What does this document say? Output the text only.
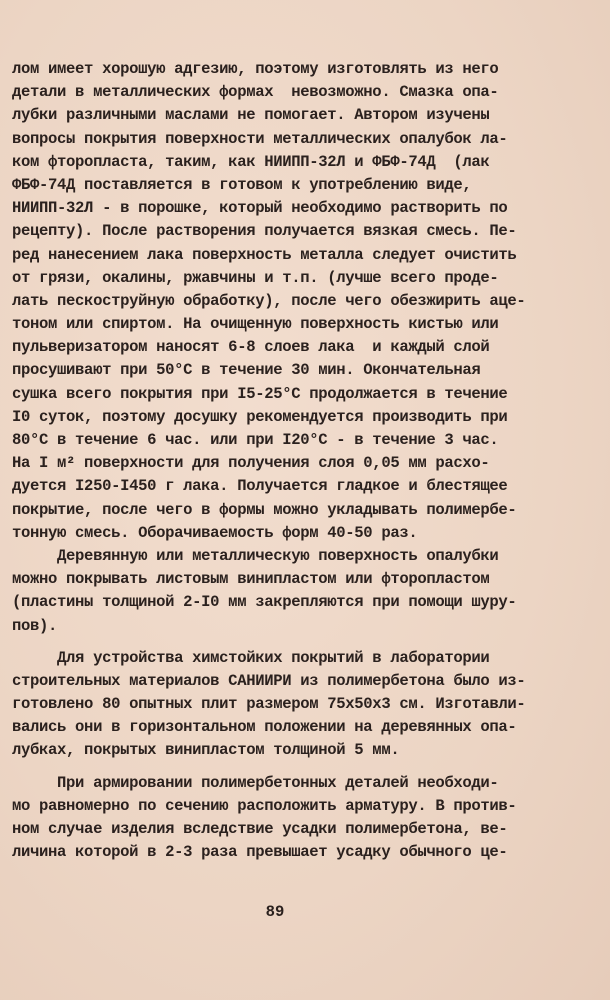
лом имеет хорошую адгезию, поэтому изготовлять из него
детали в металлических формах  невозможно. Смазка опа-
лубки различными маслами не помогает. Автором изучены
вопросы покрытия поверхности металлических опалубок ла-
ком фторопласта, таким, как НИИПП-32Л и ФБФ-74Д  (лак
ФБФ-74Д поставляется в готовом к употреблению виде,
НИИПП-32Л - в порошке, который необходимо растворить по
рецепту). После растворения получается вязкая смесь. Пе-
ред нанесением лака поверхность металла следует очистить
от грязи, окалины, ржавчины и т.п. (лучше всего проде-
лать пескоструйную обработку), после чего обезжирить аце-
тоном или спиртом. На очищенную поверхность кистью или
пульверизатором наносят 6-8 слоев лака  и каждый слой
просушивают при 50°С в течение 30 мин. Окончательная
сушка всего покрытия при I5-25°С продолжается в течение
I0 суток, поэтому досушку рекомендуется производить при
80°С в течение 6 час. или при I20°С - в течение 3 час.
На I м² поверхности для получения слоя 0,05 мм расхо-
дуется I250-I450 г лака. Получается гладкое и блестящее
покрытие, после чего в формы можно укладывать полимербе-
тонную смесь. Оборачиваемость форм 40-50 раз.
Деревянную или металлическую поверхность опалубки
можно покрывать листовым винипластом или фторопластом
(пластины толщиной 2-I0 мм закрепляются при помощи шуру-
пов).
Для устройства химстойких покрытий в лаборатории
строительных материалов САНИИРИ из полимербетона было из-
готовлено 80 опытных плит размером 75х50х3 см. Изготавли-
вались они в горизонтальном положении на деревянных опа-
лубках, покрытых винипластом толщиной 5 мм.
При армировании полимербетонных деталей необходи-
мо равномерно по сечению расположить арматуру. В против-
ном случае изделия вследствие усадки полимербетона, ве-
личина которой в 2-3 раза превышает усадку обычного це-
89
